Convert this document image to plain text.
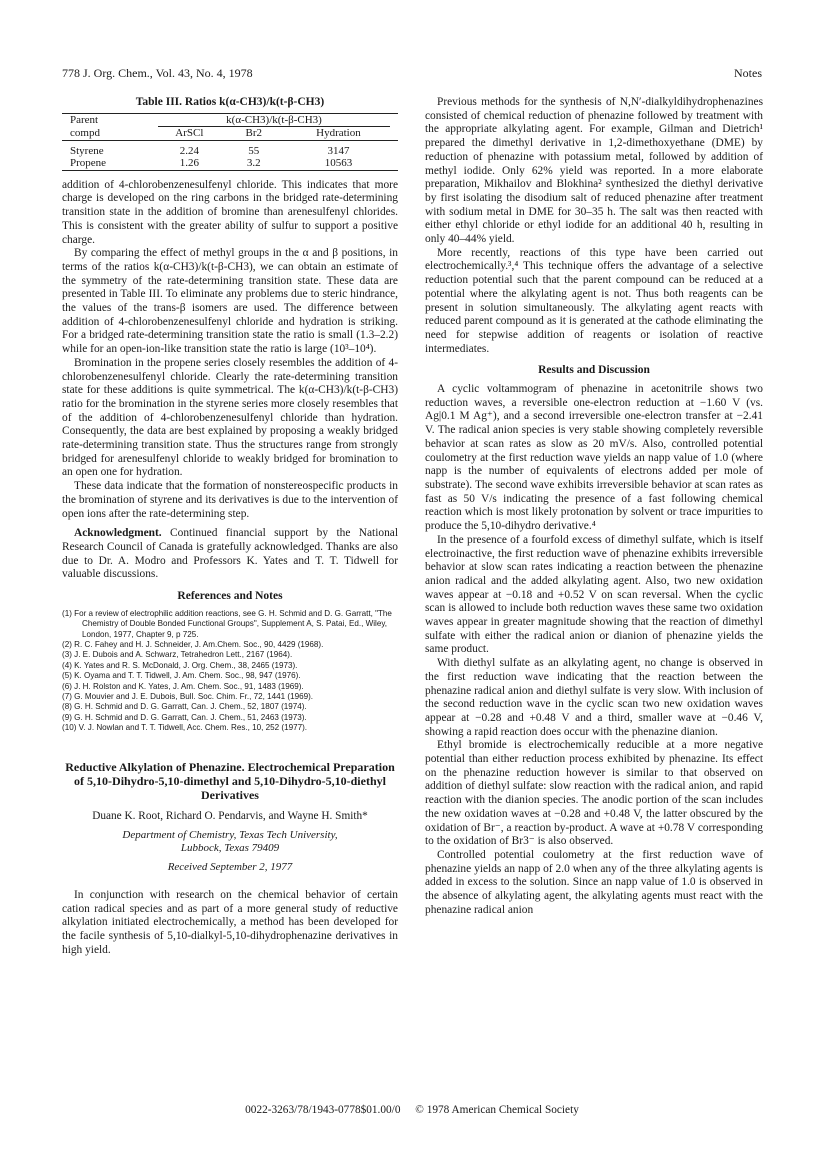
778 J. Org. Chem., Vol. 43, No. 4, 1978	Notes
Table III. Ratios k(α-CH3)/k(t-β-CH3)
Parent	k(α-CH3)/k(t-β-CH3)		

compd	ArSCl	Br2	Hydration
Styrene	2.24	55	3147
Propene	1.26	3.2	10563

addition of 4-chlorobenzenesulfenyl chloride. This indicates that more charge is developed on the ring carbons in the bridged rate-determining transition state in the addition of bromine than arenesulfenyl chlorides. This is consistent with the greater ability of sulfur to support a positive charge.

By comparing the effect of methyl groups in the α and β positions, in terms of the ratios k(α-CH3)/k(t-β-CH3), we can obtain an estimate of the symmetry of the rate-determining transition state. These data are presented in Table III. To eliminate any problems due to steric hindrance, the values of the trans-β isomers are used. The difference between addition of 4-chlorobenzenesulfenyl chloride and hydration is striking. For a bridged rate-determining transition state the ratio is small (1.3–2.2) while for an open-ion-like transition state the ratio is large (10³–10⁴).

Bromination in the propene series closely resembles the addition of 4-chlorobenzenesulfenyl chloride. Clearly the rate-determining transition state for these additions is quite symmetrical. The k(α-CH3)/k(t-β-CH3) ratio for the bromination in the styrene series more closely resembles that of the addition of 4-chlorobenzenesulfenyl chloride than hydration. Consequently, the data are best explained by proposing a weakly bridged rate-determining transition state. Thus the structures range from strongly bridged for arenesulfenyl chloride to weakly bridged for bromination to an open one for hydration.

These data indicate that the formation of nonstereospecific products in the bromination of styrene and its derivatives is due to the intervention of open ions after the rate-determining step.

Acknowledgment. Continued financial support by the National Research Council of Canada is gratefully acknowledged. Thanks are also due to Dr. A. Modro and Professors K. Yates and T. T. Tidwell for valuable discussions.

References and Notes
(1) For a review of electrophilic addition reactions, see G. H. Schmid and D. G. Garratt, "The Chemistry of Double Bonded Functional Groups", Supplement A, S. Patai, Ed., Wiley, London, 1977, Chapter 9, p 725.
(2) R. C. Fahey and H. J. Schneider, J. Am.Chem. Soc., 90, 4429 (1968).
(3) J. E. Dubois and A. Schwarz, Tetrahedron Lett., 2167 (1964).
(4) K. Yates and R. S. McDonald, J. Org. Chem., 38, 2465 (1973).
(5) K. Oyama and T. T. Tidwell, J. Am. Chem. Soc., 98, 947 (1976).
(6) J. H. Rolston and K. Yates, J. Am. Chem. Soc., 91, 1483 (1969).
(7) G. Mouvier and J. E. Dubois, Bull. Soc. Chim. Fr., 72, 1441 (1969).
(8) G. H. Schmid and D. G. Garratt, Can. J. Chem., 52, 1807 (1974).
(9) G. H. Schmid and D. G. Garratt, Can. J. Chem., 51, 2463 (1973).
(10) V. J. Nowlan and T. T. Tidwell, Acc. Chem. Res., 10, 252 (1977).
Reductive Alkylation of Phenazine. Electrochemical Preparation of 5,10-Dihydro-5,10-dimethyl and 5,10-Dihydro-5,10-diethyl Derivatives
Duane K. Root, Richard O. Pendarvis, and Wayne H. Smith*
Department of Chemistry, Texas Tech University,
Lubbock, Texas 79409
Received September 2, 1977

In conjunction with research on the chemical behavior of certain cation radical species and as part of a more general study of reductive alkylation initiated electrochemically, a method has been developed for the facile synthesis of 5,10-dialkyl-5,10-dihydrophenazine derivatives in high yield.

Previous methods for the synthesis of N,N′-dialkyldihydrophenazines consisted of chemical reduction of phenazine followed by treatment with the appropriate alkylating agent. For example, Gilman and Dietrich¹ prepared the dimethyl derivative in 1,2-dimethoxyethane (DME) by reduction of phenazine with potassium metal, followed by addition of methyl iodide. Only 62% yield was reported. In a more elaborate preparation, Mikhailov and Blokhina² synthesized the diethyl derivative by first isolating the disodium salt of reduced phenazine after treatment with sodium metal in DME for 30–35 h. The salt was then reacted with either ethyl chloride or ethyl iodide for an additional 40 h, resulting in only 40–44% yield.

More recently, reactions of this type have been carried out electrochemically.³,⁴ This technique offers the advantage of a selective reduction potential such that the parent compound can be reduced at a potential where the alkylating agent is not. Thus both reagents can be present in solution simultaneously. The alkylating agent reacts with reduced parent compound as it is generated at the cathode eliminating the need for stepwise addition of reagents or isolation of reactive intermediates.

Results and Discussion

A cyclic voltammogram of phenazine in acetonitrile shows two reduction waves, a reversible one-electron reduction at −1.60 V (vs. Ag|0.1 M Ag⁺), and a second irreversible one-electron transfer at −2.41 V. The radical anion species is very stable showing completely reversible behavior at scan rates as slow as 20 mV/s. Also, controlled potential coulometry at the first reduction wave yields an napp value of 1.0 (where napp is the number of equivalents of electrons added per mole of substrate). The second wave exhibits irreversible behavior at scan rates as fast as 50 V/s indicating the presence of a fast following chemical reaction which is most likely protonation by solvent or trace impurities to produce the 5,10-dihydro derivative.⁴

In the presence of a fourfold excess of dimethyl sulfate, which is itself electroinactive, the first reduction wave of phenazine exhibits irreversible behavior at slow scan rates indicating a reaction between the phenazine anion radical and the added alkylating agent. Also, two new oxidation waves appear at −0.18 and +0.52 V on scan reversal. When the cyclic scan is allowed to include both reduction waves these same two oxidation waves appear in greater magnitude showing that the reaction of dimethyl sulfate with either the radical anion or dianion of phenazine yields the same product.

With diethyl sulfate as an alkylating agent, no change is observed in the first reduction wave indicating that the reaction between the phenazine radical anion and diethyl sulfate is very slow. With inclusion of the second reduction wave in the cyclic scan two new oxidation waves appear at −0.28 and +0.48 V and a third, smaller wave at −0.46 V, showing a rapid reaction does occur with the phenazine dianion.

Ethyl bromide is electrochemically reducible at a more negative potential than either reduction process exhibited by phenazine. Its effect on the phenazine reduction however is similar to that observed on addition of diethyl sulfate: slow reaction with the radical anion, and rapid reaction with the dianion species. The anodic portion of the scan includes the new oxidation waves at −0.28 and +0.48 V, the latter obscured by the oxidation of Br⁻, a reaction by-product. A wave at +0.78 V corresponding to the oxidation of Br3⁻ is also observed.

Controlled potential coulometry at the first reduction wave of phenazine yields an napp of 2.0 when any of the three alkylating agents is added in excess to the solution. Since an napp value of 1.0 is observed in the absence of alkylating agent, the alkylating agents must react with the phenazine radical anion

0022-3263/78/1943-0778$01.00/0 © 1978 American Chemical Society
